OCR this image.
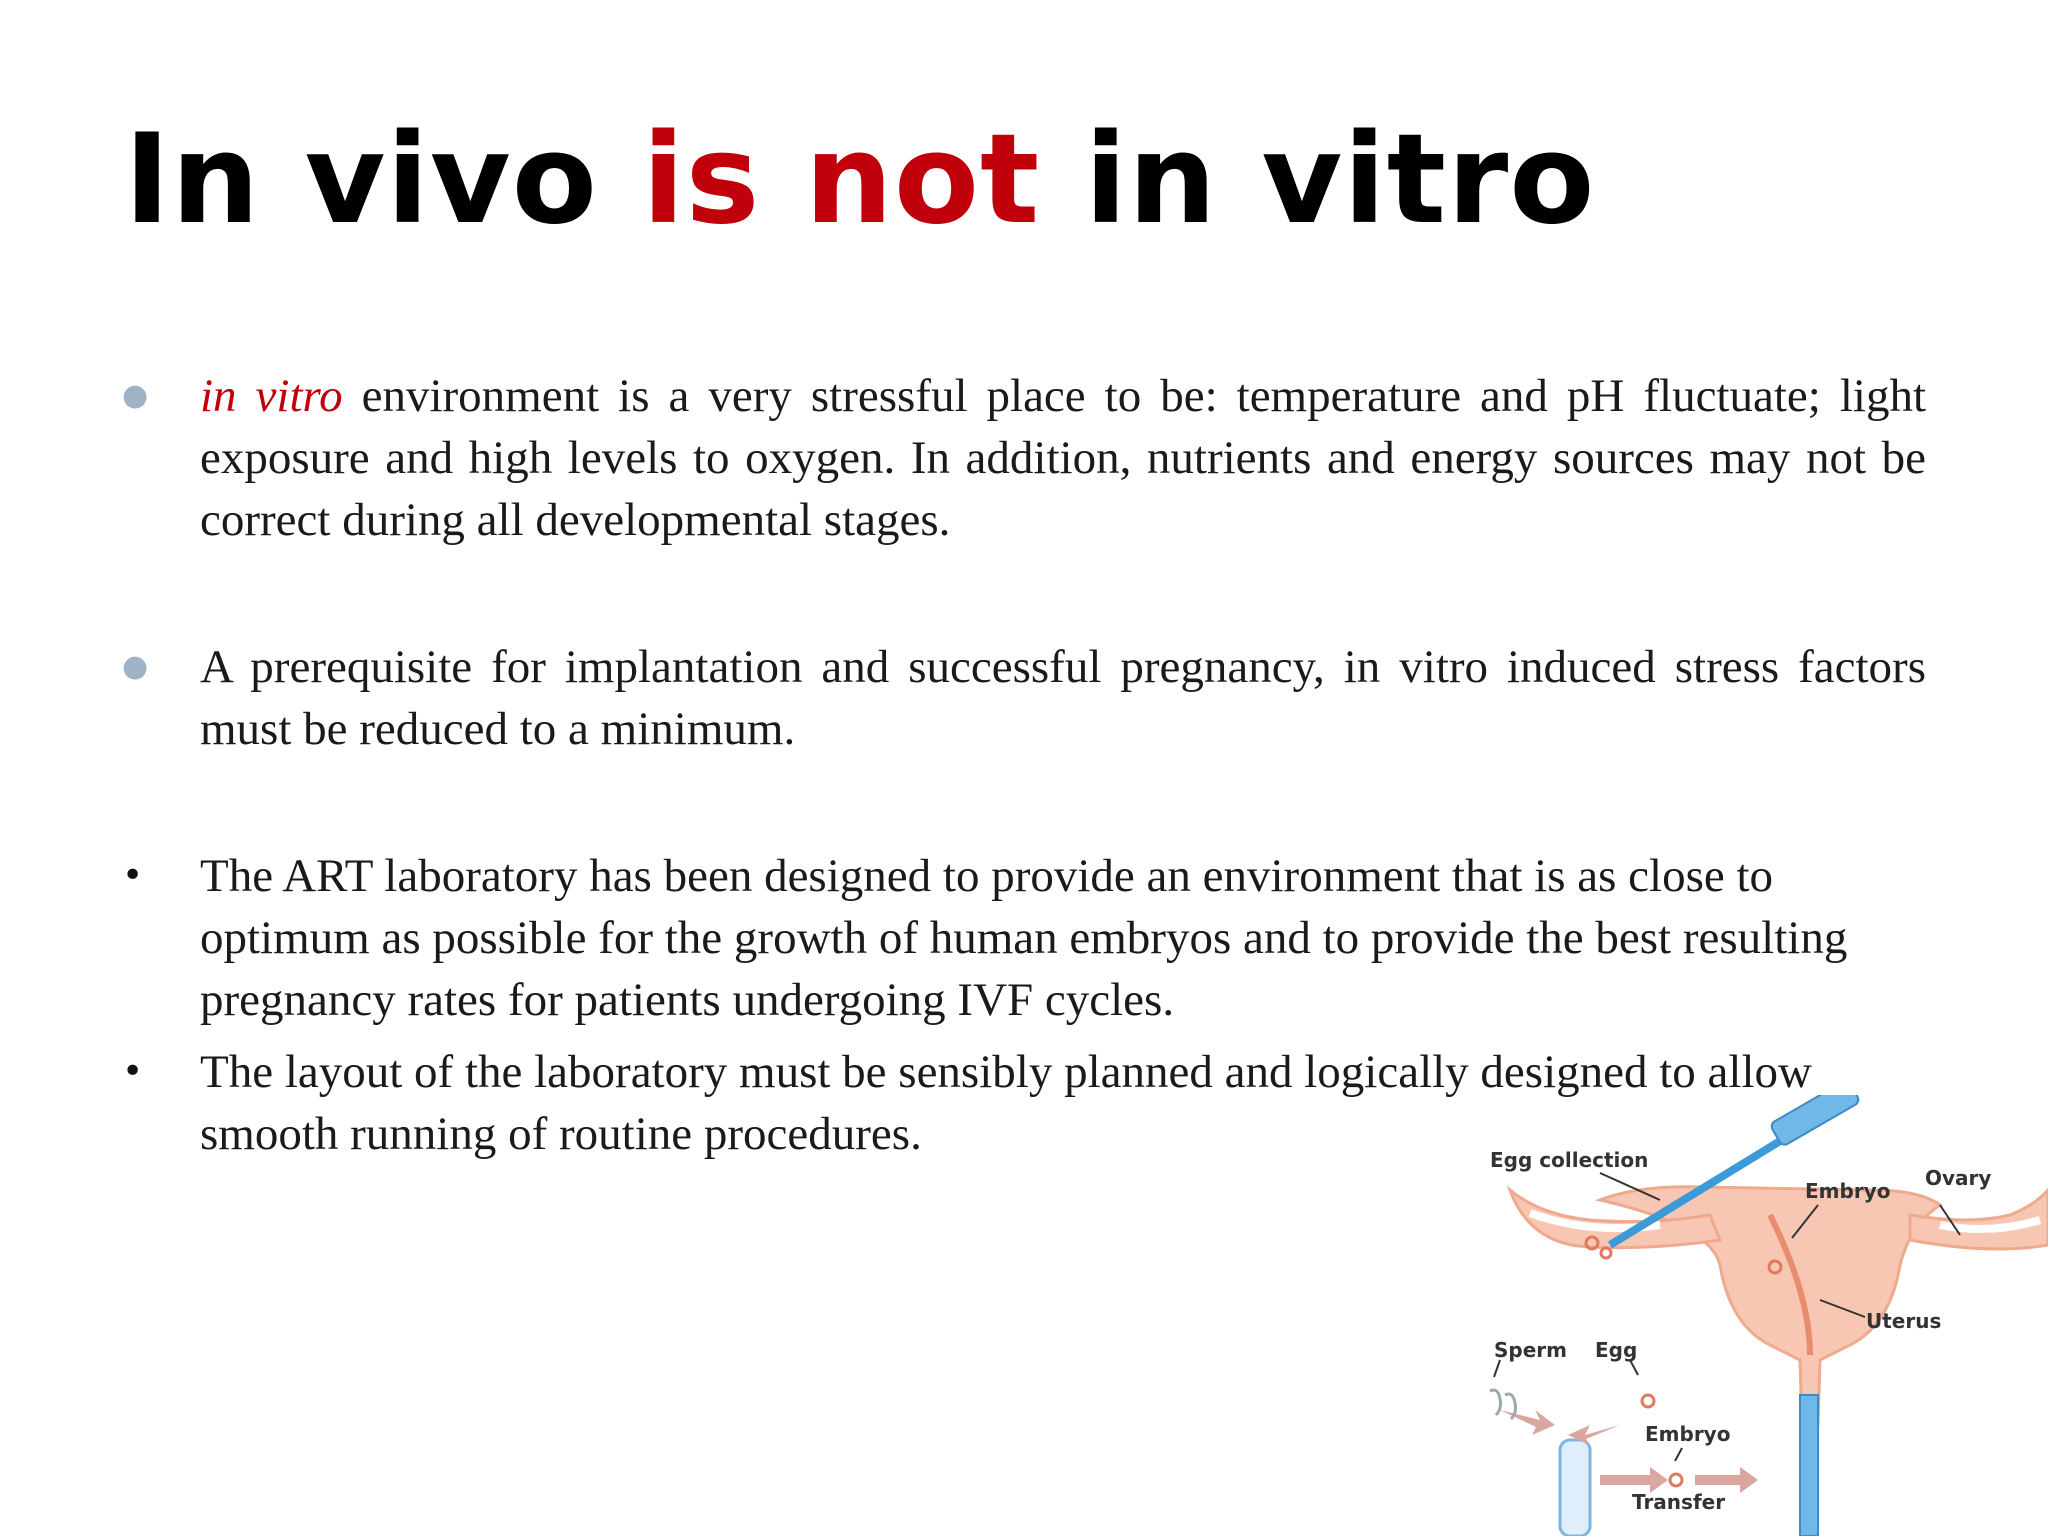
In vivo is not in vitro
● in vitro environment is a very stressful place to be: temperature and pH fluctuate; light exposure and high levels to oxygen. In addition, nutrients and energy sources may not be correct during all developmental stages.
● A prerequisite for implantation and successful pregnancy, in vitro induced stress factors must be reduced to a minimum.
• The ART laboratory has been designed to provide an environment that is as close to optimum as possible for the growth of human embryos and to provide the best resulting pregnancy rates for patients undergoing IVF cycles.
• The layout of the laboratory must be sensibly planned and logically designed to allow smooth running of routine procedures.	Egg collection
Embryo
Ovary
Uterus
Sperm Egg
Embryo
Transfer
